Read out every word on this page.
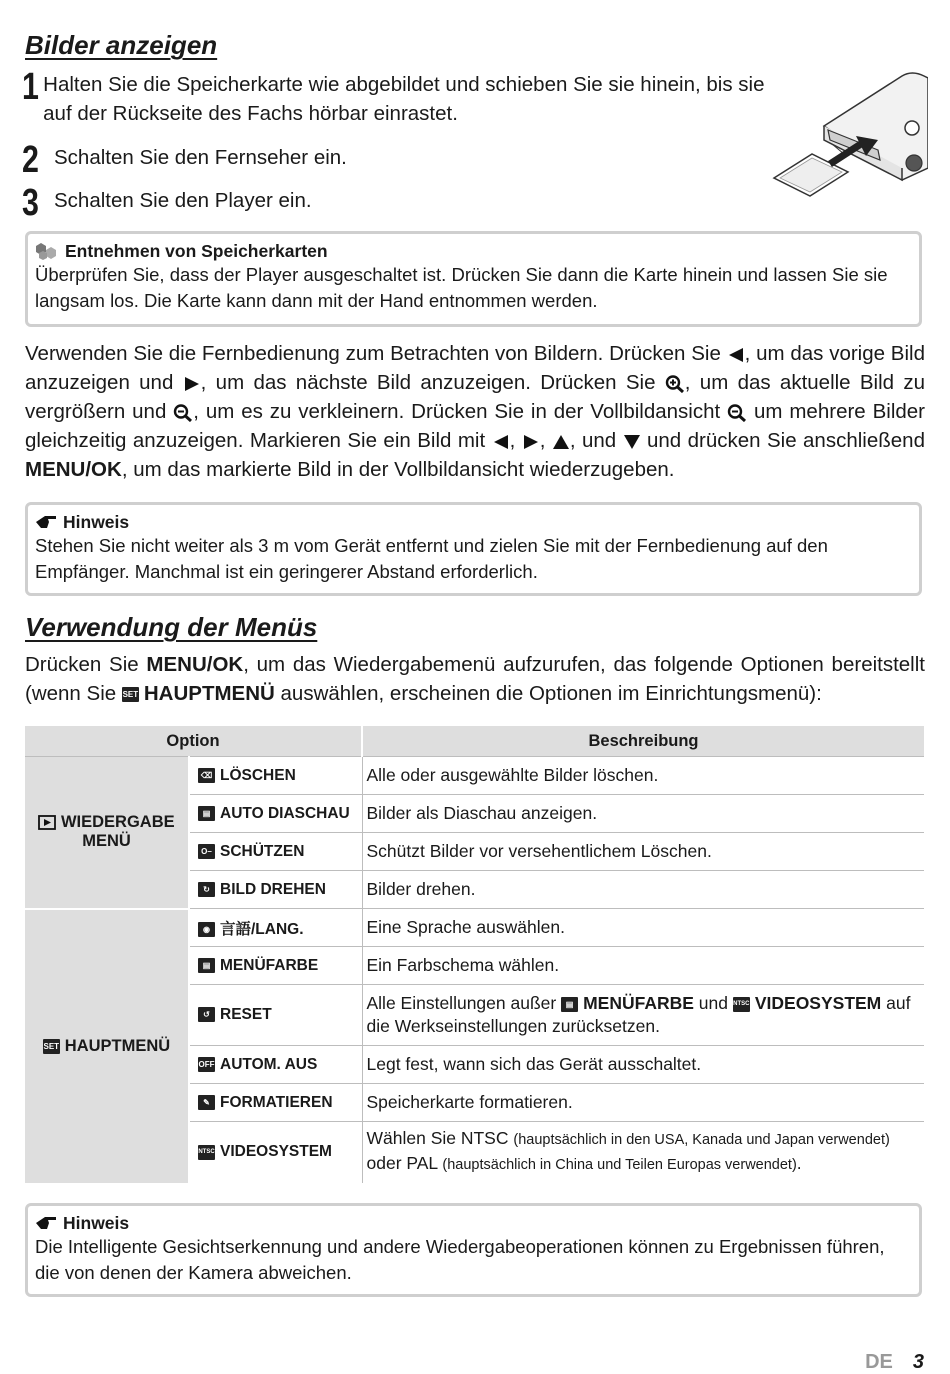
Bilder anzeigen
1 Halten Sie die Speicherkarte wie abgebildet und schieben Sie sie hinein, bis sie auf der Rückseite des Fachs hörbar einrastet.
2 Schalten Sie den Fernseher ein.
3 Schalten Sie den Player ein.
Entnehmen von Speicherkarten
Überprüfen Sie, dass der Player ausgeschaltet ist. Drücken Sie dann die Karte hinein und lassen Sie sie langsam los. Die Karte kann dann mit der Hand entnommen werden.
Verwenden Sie die Fernbedienung zum Betrachten von Bildern. Drücken Sie , um das vorige Bild anzuzeigen und , um das nächste Bild anzuzeigen. Drücken Sie , um das aktuelle Bild zu vergrößern und , um es zu verkleinern. Drücken Sie in der Vollbildansicht  um mehrere Bilder gleichzeitig anzuzeigen. Markieren Sie ein Bild mit , , , und  und drücken Sie anschließend MENU/OK, um das markierte Bild in der Vollbildansicht wiederzugeben.
Hinweis
Stehen Sie nicht weiter als 3 m vom Gerät entfernt und zielen Sie mit der Fernbedienung auf den Empfänger. Manchmal ist ein geringerer Abstand erforderlich.
Verwendung der Menüs
Drücken Sie MENU/OK, um das Wiedergabemenü aufzurufen, das folgende Optionen bereitstellt (wenn Sie SET HAUPTMENÜ auswählen, erscheinen die Optionen im Einrichtungsmenü):
Option		Beschreibung

WIEDERGABE
MENÜ	⌫ LÖSCHEN	Alle oder ausgewählte Bilder löschen.
	▤ AUTO DIASCHAU	Bilder als Diaschau anzeigen.
	O– SCHÜTZEN	Schützt Bilder vor versehentlichem Löschen.
	↻ BILD DREHEN	Bilder drehen.
SET HAUPTMENÜ	◉ 言語/LANG.	Eine Sprache auswählen.
	▤ MENÜFARBE	Ein Farbschema wählen.
	↺ RESET	Alle Einstellungen außer ▤ MENÜFARBE und NTSC VIDEOSYSTEM auf die Werkseinstellungen zurücksetzen.
	OFF AUTOM. AUS	Legt fest, wann sich das Gerät ausschaltet.
	✎ FORMATIEREN	Speicherkarte formatieren.
	NTSC VIDEOSYSTEM	Wählen Sie NTSC (hauptsächlich in den USA, Kanada und Japan verwendet) oder PAL (hauptsächlich in China und Teilen Europas verwendet).
Hinweis
Die Intelligente Gesichtserkennung und andere Wiedergabeoperationen können zu Ergebnissen führen, die von denen der Kamera abweichen.
DE 3
